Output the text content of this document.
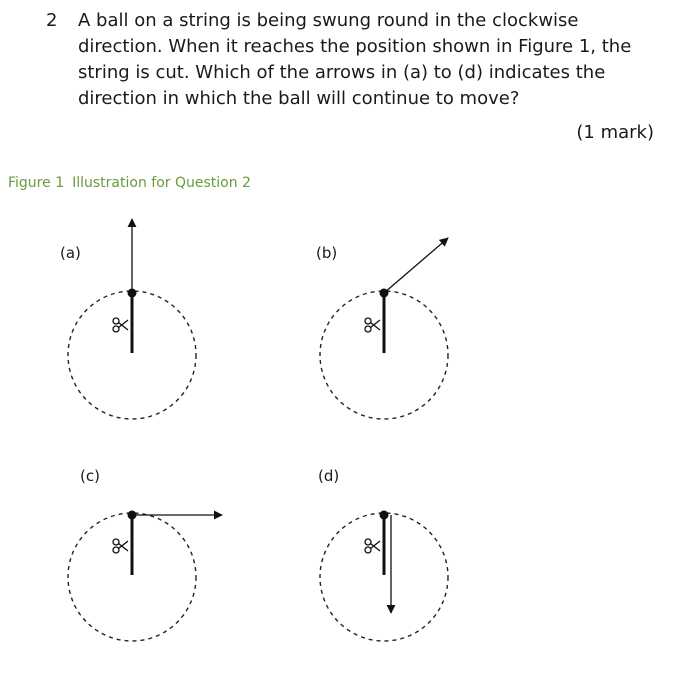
2 A ball on a string is being swung round in the clockwise direction. When it reaches the position shown in Figure 1, the string is cut. Which of the arrows in (a) to (d) indicates the direction in which the ball will continue to move?
(1 mark)
Figure 1 Illustration for Question 2
(a)	(b)
(c)	(d)
